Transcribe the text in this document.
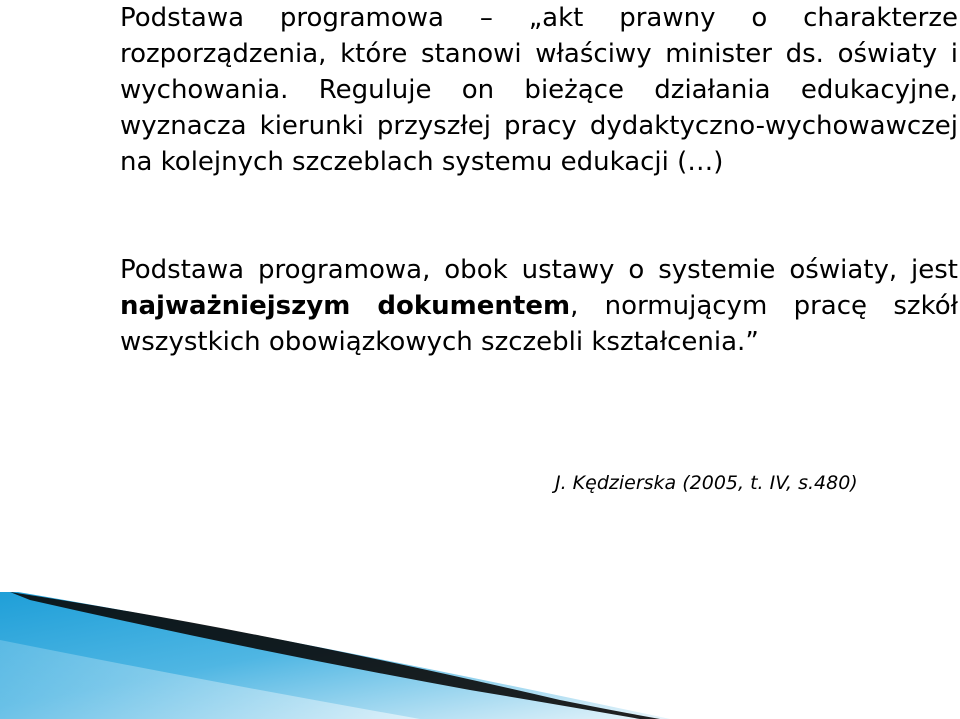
Podstawa programowa – „akt prawny o charakterze rozporządzenia, które stanowi właściwy minister ds. oświaty i wychowania. Reguluje on bieżące działania edukacyjne, wyznacza kierunki przyszłej pracy dydaktyczno-wychowawczej na kolejnych szczeblach systemu edukacji (…)

Podstawa programowa, obok ustawy o systemie oświaty, jest najważniejszym dokumentem, normującym pracę szkół wszystkich obowiązkowych szczebli kształcenia.”

J. Kędzierska (2005, t. IV, s.480)
